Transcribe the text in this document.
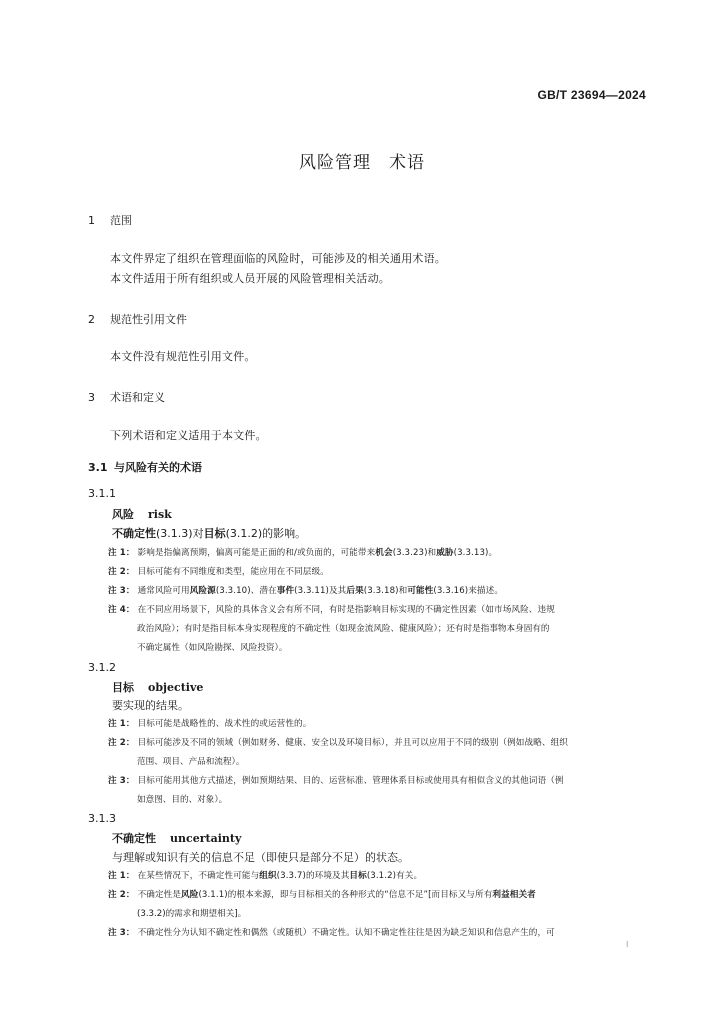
GB/T 23694—2024
风险管理　术语
1 范围
本文件界定了组织在管理面临的风险时，可能涉及的相关通用术语。
本文件适用于所有组织或人员开展的风险管理相关活动。
2 规范性引用文件
本文件没有规范性引用文件。
3 术语和定义
下列术语和定义适用于本文件。
3.1 与风险有关的术语
3.1.1
风险 risk
不确定性(3.1.3)对目标(3.1.2)的影响。
注 1： 影响是指偏离预期，偏离可能是正面的和/或负面的，可能带来机会(3.3.23)和威胁(3.3.13)。
注 2： 目标可能有不同维度和类型，能应用在不同层级。
注 3： 通常风险可用风险源(3.3.10)、潜在事件(3.3.11)及其后果(3.3.18)和可能性(3.3.16)来描述。
注 4： 在不同应用场景下，风险的具体含义会有所不同，有时是指影响目标实现的不确定性因素（如市场风险、违规
政治风险）；有时是指目标本身实现程度的不确定性（如现金流风险、健康风险）；还有时是指事物本身固有的
不确定属性（如风险勘探、风险投资）。
3.1.2
目标 objective
要实现的结果。
注 1： 目标可能是战略性的、战术性的或运营性的。
注 2： 目标可能涉及不同的领域（例如财务、健康、安全以及环境目标），并且可以应用于不同的级别（例如战略、组织
范围、项目、产品和流程）。
注 3： 目标可能用其他方式描述，例如预期结果、目的、运营标准、管理体系目标或使用具有相似含义的其他词语（例
如意图、目的、对象）。
3.1.3
不确定性 uncertainty
与理解或知识有关的信息不足（即使只是部分不足）的状态。
注 1： 在某些情况下，不确定性可能与组织(3.3.7)的环境及其目标(3.1.2)有关。
注 2： 不确定性是风险(3.1.1)的根本来源，即与目标相关的各种形式的“信息不足”[而目标又与所有利益相关者
(3.3.2)的需求和期望相关]。
注 3： 不确定性分为认知不确定性和偶然（或随机）不确定性。认知不确定性往往是因为缺乏知识和信息产生的，可
I
